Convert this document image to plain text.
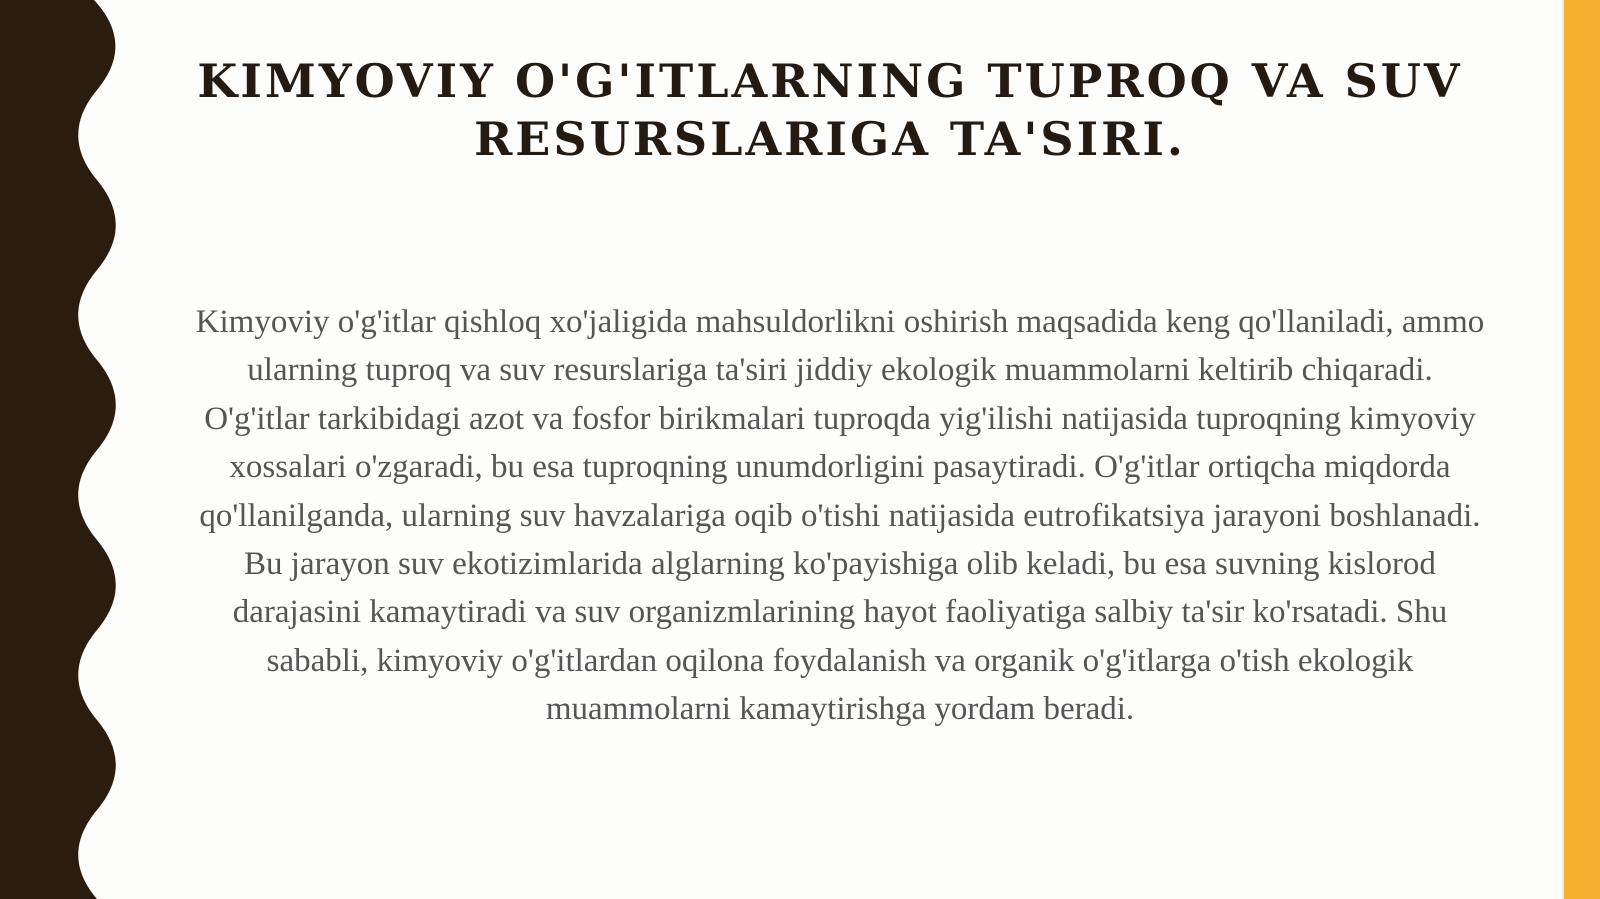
KIMYOVIY O'G'ITLARNING TUPROQ VA SUV RESURSLARIGA TA'SIRI.

Kimyoviy o'g'itlar qishloq xo'jaligida mahsuldorlikni oshirish maqsadida keng qo'llaniladi, ammo ularning tuproq va suv resurslariga ta'siri jiddiy ekologik muammolarni keltirib chiqaradi. O'g'itlar tarkibidagi azot va fosfor birikmalari tuproqda yig'ilishi natijasida tuproqning kimyoviy xossalari o'zgaradi, bu esa tuproqning unumdorligini pasaytiradi. O'g'itlar ortiqcha miqdorda qo'llanilganda, ularning suv havzalariga oqib o'tishi natijasida eutrofikatsiya jarayoni boshlanadi. Bu jarayon suv ekotizimlarida alglarning ko'payishiga olib keladi, bu esa suvning kislorod darajasini kamaytiradi va suv organizmlarining hayot faoliyatiga salbiy ta'sir ko'rsatadi. Shu sababli, kimyoviy o'g'itlardan oqilona foydalanish va organik o'g'itlarga o'tish ekologik muammolarni kamaytirishga yordam beradi.
